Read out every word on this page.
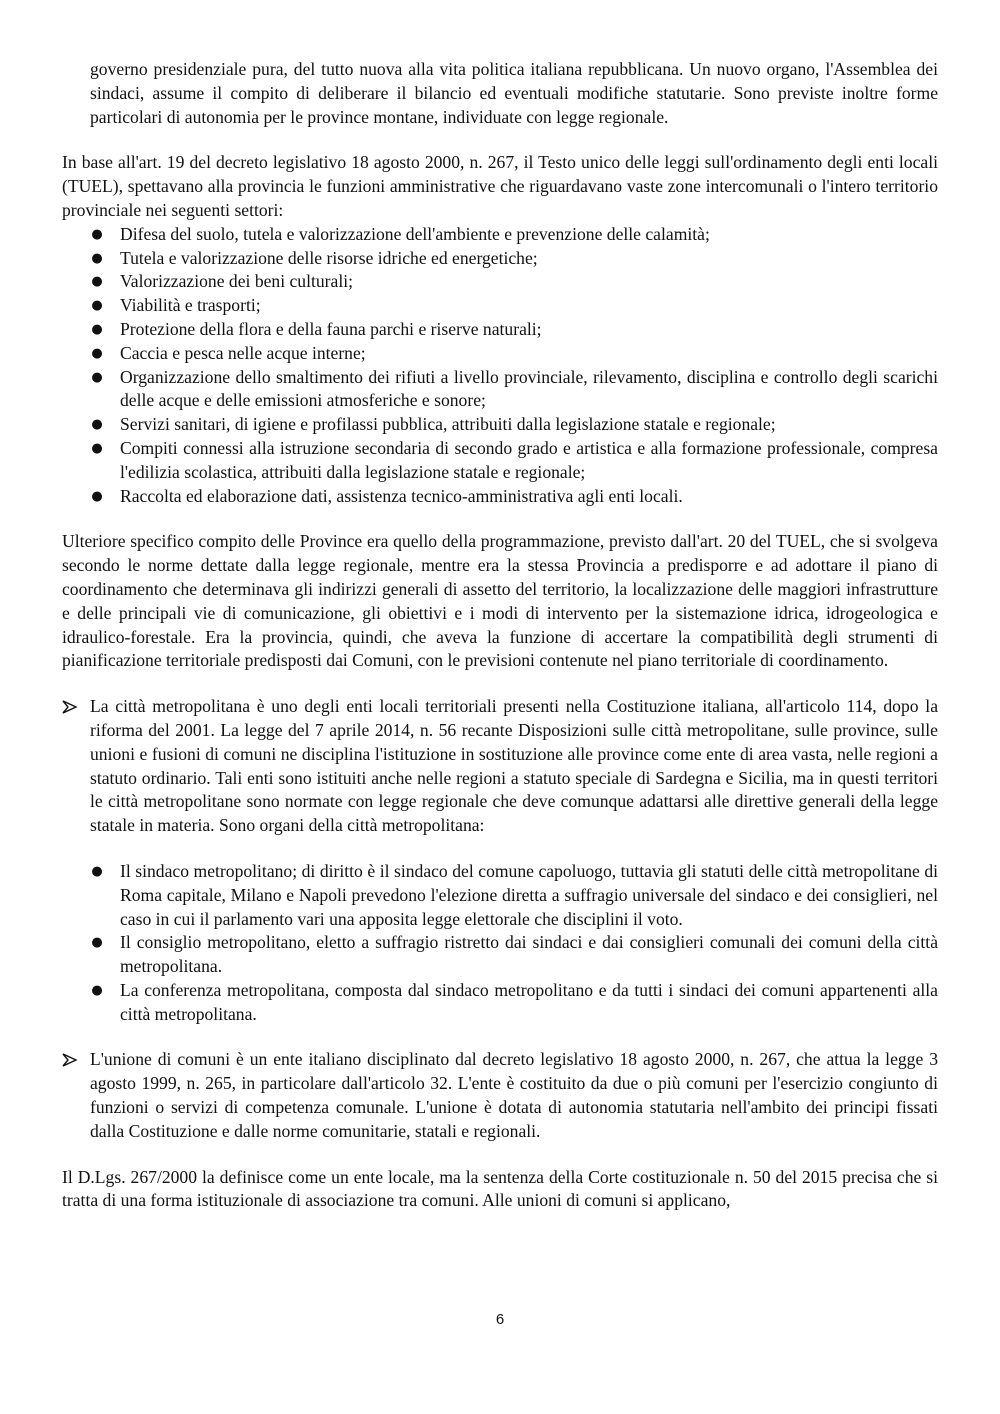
governo presidenziale pura, del tutto nuova alla vita politica italiana repubblicana. Un nuovo organo, l'Assemblea dei sindaci, assume il compito di deliberare il bilancio ed eventuali modifiche statutarie. Sono previste inoltre forme particolari di autonomia per le province montane, individuate con legge regionale.

In base all'art. 19 del decreto legislativo 18 agosto 2000, n. 267, il Testo unico delle leggi sull'ordinamento degli enti locali (TUEL), spettavano alla provincia le funzioni amministrative che riguardavano vaste zone intercomunali o l'intero territorio provinciale nei seguenti settori:

● Difesa del suolo, tutela e valorizzazione dell'ambiente e prevenzione delle calamità;
● Tutela e valorizzazione delle risorse idriche ed energetiche;
● Valorizzazione dei beni culturali;
● Viabilità e trasporti;
● Protezione della flora e della fauna parchi e riserve naturali;
● Caccia e pesca nelle acque interne;
● Organizzazione dello smaltimento dei rifiuti a livello provinciale, rilevamento, disciplina e controllo degli scarichi delle acque e delle emissioni atmosferiche e sonore;
● Servizi sanitari, di igiene e profilassi pubblica, attribuiti dalla legislazione statale e regionale;
● Compiti connessi alla istruzione secondaria di secondo grado e artistica e alla formazione professionale, compresa l'edilizia scolastica, attribuiti dalla legislazione statale e regionale;
● Raccolta ed elaborazione dati, assistenza tecnico-amministrativa agli enti locali.

Ulteriore specifico compito delle Province era quello della programmazione, previsto dall'art. 20 del TUEL, che si svolgeva secondo le norme dettate dalla legge regionale, mentre era la stessa Provincia a predisporre e ad adottare il piano di coordinamento che determinava gli indirizzi generali di assetto del territorio, la localizzazione delle maggiori infrastrutture e delle principali vie di comunicazione, gli obiettivi e i modi di intervento per la sistemazione idrica, idrogeologica e idraulico-forestale. Era la provincia, quindi, che aveva la funzione di accertare la compatibilità degli strumenti di pianificazione territoriale predisposti dai Comuni, con le previsioni contenute nel piano territoriale di coordinamento.

La città metropolitana è uno degli enti locali territoriali presenti nella Costituzione italiana, all'articolo 114, dopo la riforma del 2001. La legge del 7 aprile 2014, n. 56 recante Disposizioni sulle città metropolitane, sulle province, sulle unioni e fusioni di comuni ne disciplina l'istituzione in sostituzione alle province come ente di area vasta, nelle regioni a statuto ordinario. Tali enti sono istituiti anche nelle regioni a statuto speciale di Sardegna e Sicilia, ma in questi territori le città metropolitane sono normate con legge regionale che deve comunque adattarsi alle direttive generali della legge statale in materia. Sono organi della città metropolitana:

● Il sindaco metropolitano; di diritto è il sindaco del comune capoluogo, tuttavia gli statuti delle città metropolitane di Roma capitale, Milano e Napoli prevedono l'elezione diretta a suffragio universale del sindaco e dei consiglieri, nel caso in cui il parlamento vari una apposita legge elettorale che disciplini il voto.
● Il consiglio metropolitano, eletto a suffragio ristretto dai sindaci e dai consiglieri comunali dei comuni della città metropolitana.
● La conferenza metropolitana, composta dal sindaco metropolitano e da tutti i sindaci dei comuni appartenenti alla città metropolitana.

L'unione di comuni è un ente italiano disciplinato dal decreto legislativo 18 agosto 2000, n. 267, che attua la legge 3 agosto 1999, n. 265, in particolare dall'articolo 32. L'ente è costituito da due o più comuni per l'esercizio congiunto di funzioni o servizi di competenza comunale. L'unione è dotata di autonomia statutaria nell'ambito dei principi fissati dalla Costituzione e dalle norme comunitarie, statali e regionali.

Il D.Lgs. 267/2000 la definisce come un ente locale, ma la sentenza della Corte costituzionale n. 50 del 2015 precisa che si tratta di una forma istituzionale di associazione tra comuni. Alle unioni di comuni si applicano,

6
